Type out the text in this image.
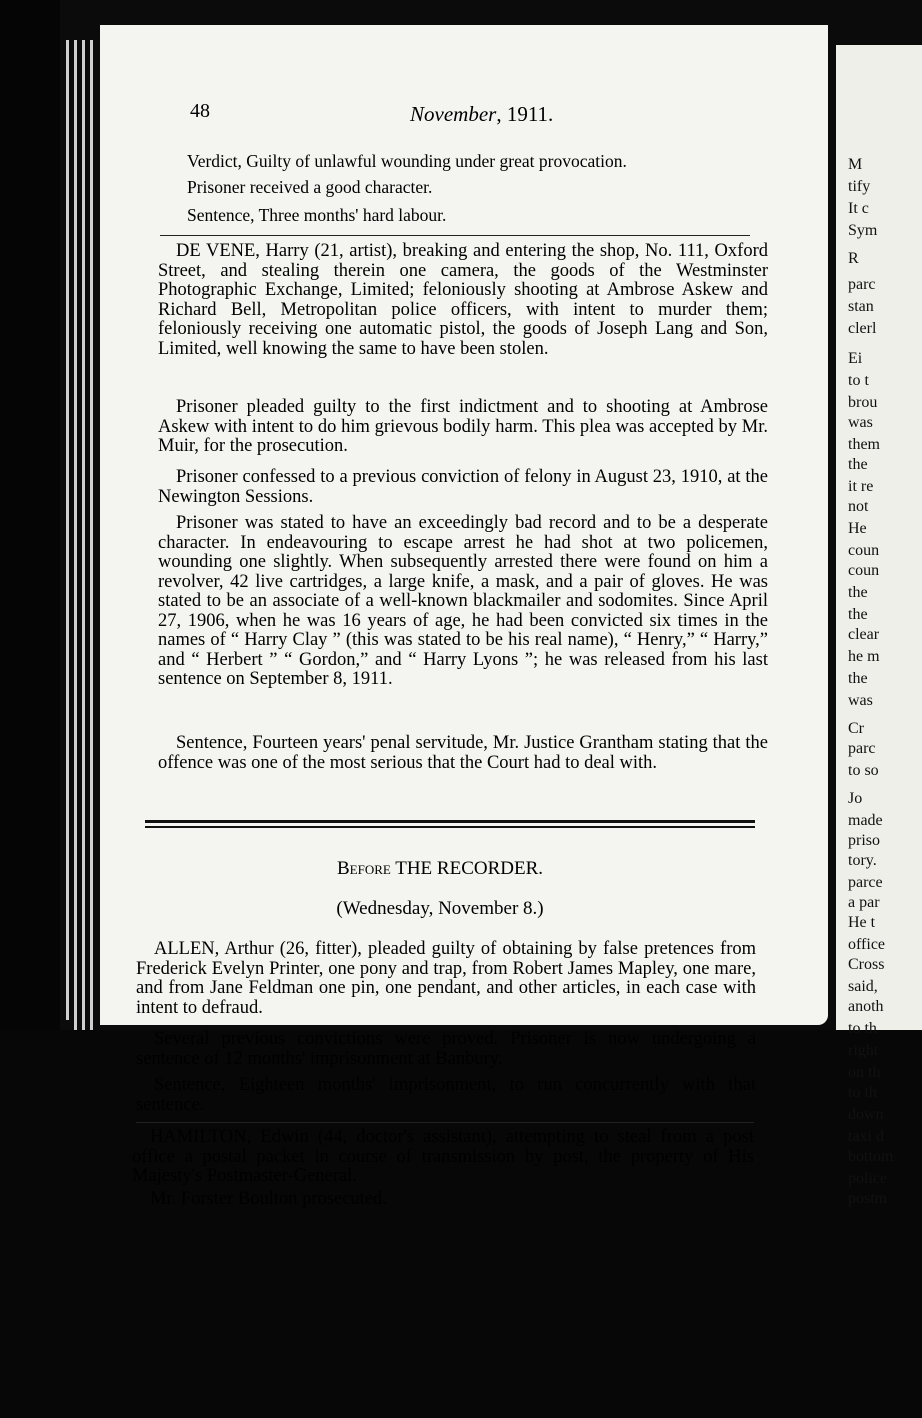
48	November, 1911.
Verdict, Guilty of unlawful wounding under great provocation.
Prisoner received a good character.
Sentence, Three months' hard labour.
DE VENE, Harry (21, artist), breaking and entering the shop, No. 111, Oxford Street, and stealing therein one camera, the goods of the Westminster Photographic Exchange, Limited; feloniously shooting at Ambrose Askew and Richard Bell, Metropolitan police officers, with intent to murder them; feloniously receiving one automatic pistol, the goods of Joseph Lang and Son, Limited, well knowing the same to have been stolen.
Prisoner pleaded guilty to the first indictment and to shooting at Ambrose Askew with intent to do him grievous bodily harm. This plea was accepted by Mr. Muir, for the prosecution.
Prisoner confessed to a previous conviction of felony in August 23, 1910, at the Newington Sessions.
Prisoner was stated to have an exceedingly bad record and to be a desperate character. In endeavouring to escape arrest he had shot at two policemen, wounding one slightly. When subsequently arrested there were found on him a revolver, 42 live cartridges, a large knife, a mask, and a pair of gloves. He was stated to be an associate of a well-known blackmailer and sodomites. Since April 27, 1906, when he was 16 years of age, he had been convicted six times in the names of “ Harry Clay ” (this was stated to be his real name), “ Henry,” “ Harry,” and “ Herbert ” “ Gordon,” and “ Harry Lyons ”; he was released from his last sentence on September 8, 1911.
Sentence, Fourteen years' penal servitude, Mr. Justice Grantham stating that the offence was one of the most serious that the Court had to deal with.
Before THE RECORDER.
(Wednesday, November 8.)
ALLEN, Arthur (26, fitter), pleaded guilty of obtaining by false pretences from Frederick Evelyn Printer, one pony and trap, from Robert James Mapley, one mare, and from Jane Feldman one pin, one pendant, and other articles, in each case with intent to defraud.
Several previous convictions were proved. Prisoner is now undergoing a sentence of 12 months' imprisonment at Banbury.
Sentence, Eighteen months' imprisonment, to run concurrently with that sentence.
HAMILTON, Edwin (44, doctor's assistant), attempting to steal from a post office a postal packet in course of transmission by post, the property of His Majesty's Postmaster-General.
Mr. Forster Boulton prosecuted.
M
tify
It c
Sym
R
parc
stan
clerl
Ei
to t
brou
was
them
the
it re
not
He
coun
coun
the
the
clear
he m
the
was
Cr
parc
to so
Jo
made
priso
tory.
parce
a par
He t
office
Cross
said,
anoth
to th
right
on th
to th
down
taxi d
bottom
police
postm
